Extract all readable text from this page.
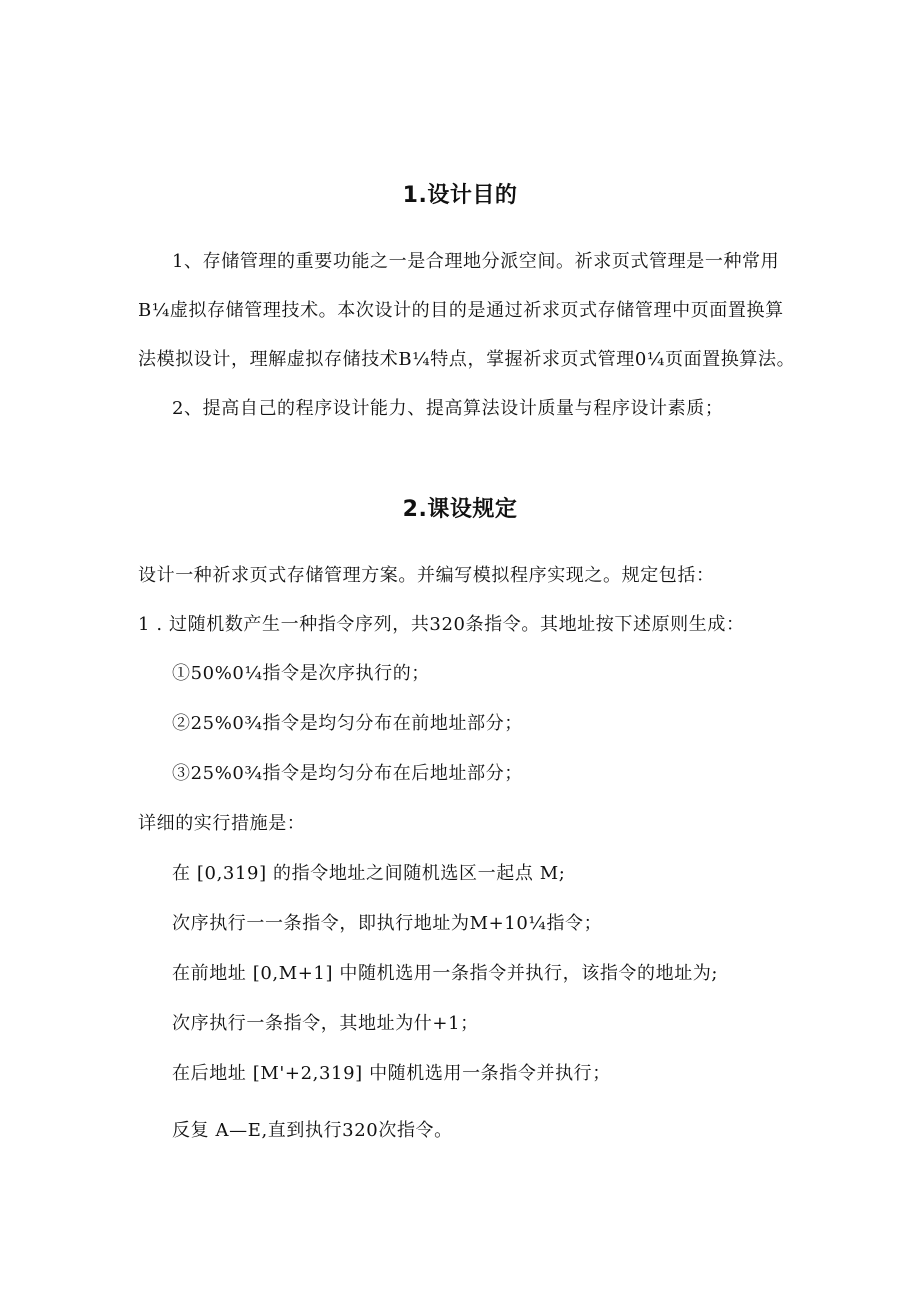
1.设计目的

1、存储管理的重要功能之一是合理地分派空间。祈求页式管理是一种常用

B¼虚拟存储管理技术。本次设计的目的是通过祈求页式存储管理中页面置换算

法模拟设计，理解虚拟存储技术B¼特点，掌握祈求页式管理0¼页面置换算法。

2、提高自己的程序设计能力、提高算法设计质量与程序设计素质；

2.课设规定

设计一种祈求页式存储管理方案。并编写模拟程序实现之。规定包括：

1 . 过随机数产生一种指令序列，共320条指令。其地址按下述原则生成：

①50%0¼指令是次序执行的；

②25%0¾指令是均匀分布在前地址部分；

③25%0¾指令是均匀分布在后地址部分；

详细的实行措施是：

在 [0,319] 的指令地址之间随机选区一起点 M;

次序执行一一条指令，即执行地址为M+10¼指令；

在前地址 [0,M+1] 中随机选用一条指令并执行，该指令的地址为;

次序执行一条指令，其地址为什+1；

在后地址 [M'+2,319] 中随机选用一条指令并执行；

反复 A—E,直到执行320次指令。
